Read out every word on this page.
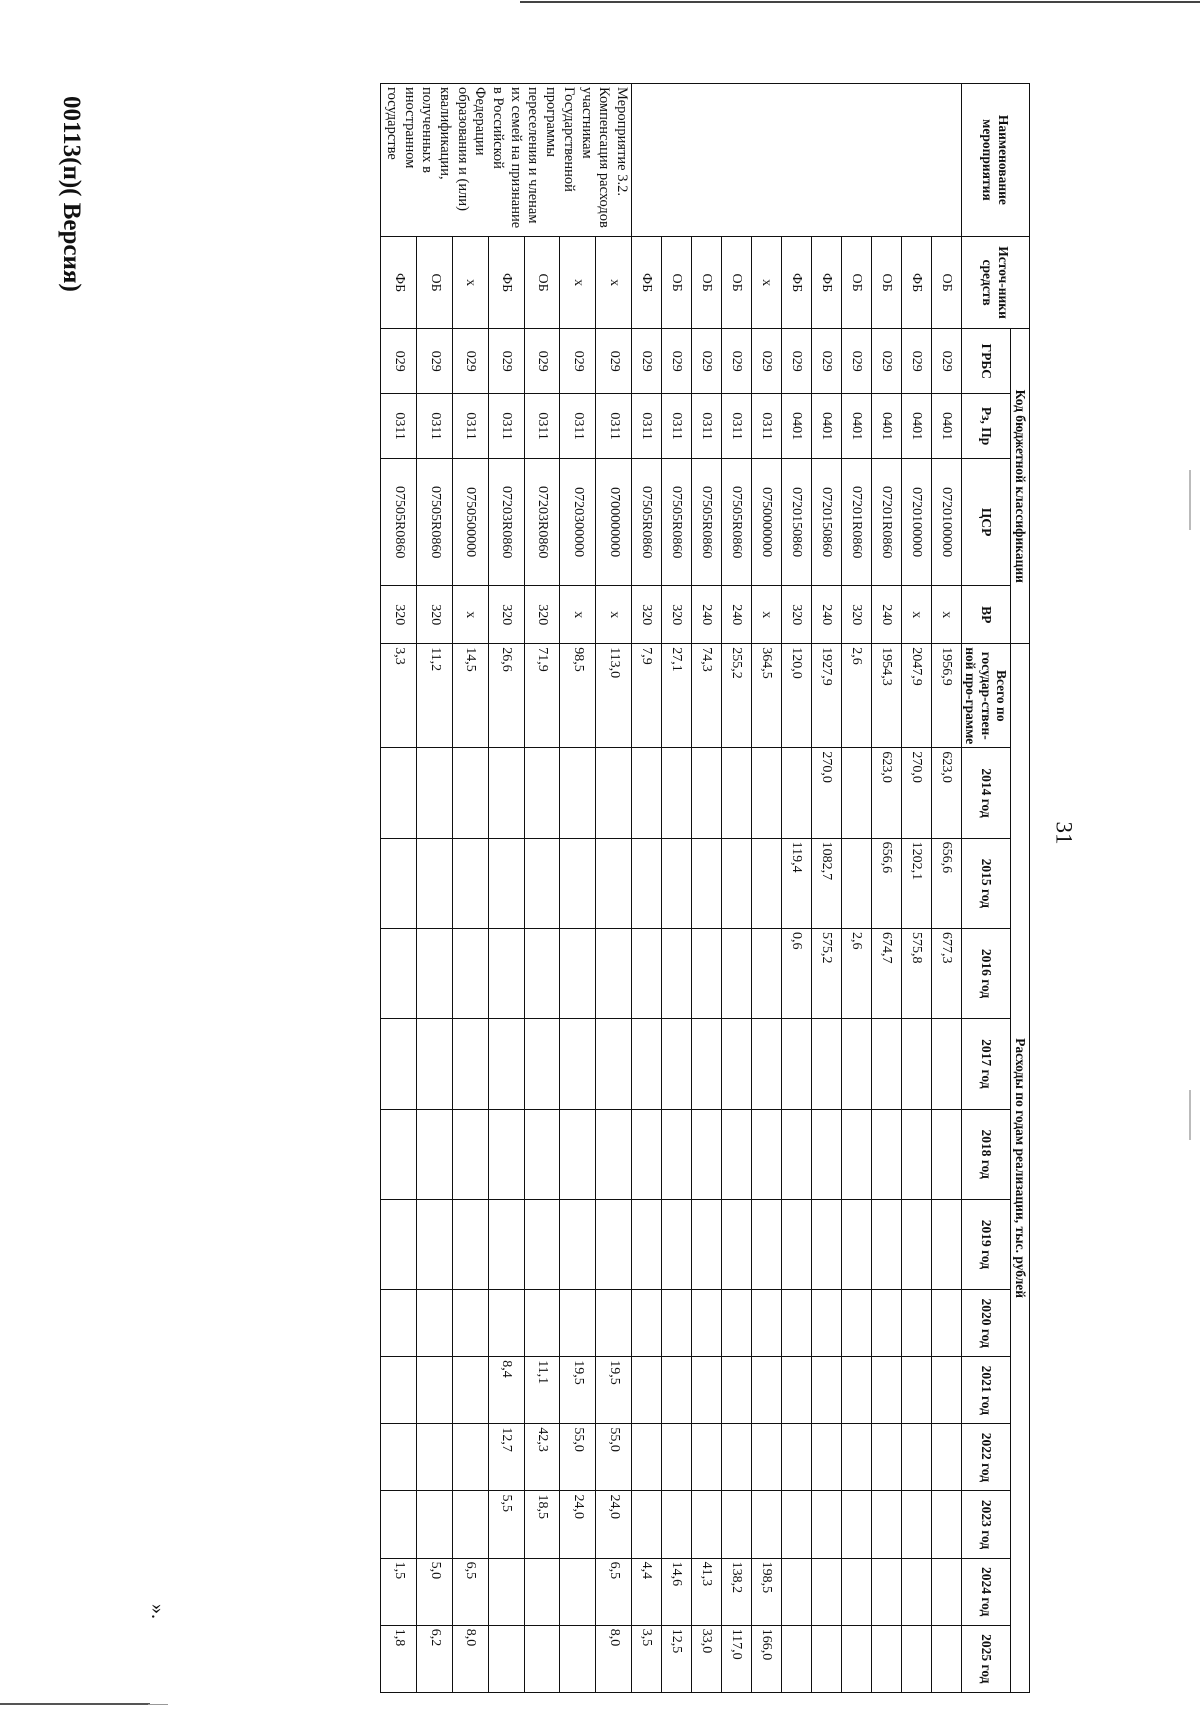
00113(п)( Версия)
31
».
Наименование мероприятия	Источ-ники средств	Код бюджетной классификации				Расходы по годам реализации, тыс. рублей												
		ГРБС	Рз, Пр	ЦСР	ВР	Всего по государ-ствен-ной про-грамме	2014 год	2015 год	2016 год	2017 год	2018 год	2019 год	2020 год	2021 год	2022 год	2023 год	2024 год	2025 год
	ОБ	029	0401	0720100000	х	1956,9	623,0	656,6	677,3									
	ФБ	029	0401	0720100000	х	2047,9	270,0	1202,1	575,8									
	ОБ	029	0401	07201R0860	240	1954,3	623,0	656,6	674,7									
	ОБ	029	0401	07201R0860	320	2,6			2,6									
	ФБ	029	0401	0720150860	240	1927,9	270,0	1082,7	575,2									
	ФБ	029	0401	0720150860	320	120,0		119,4	0,6									
	х	029	0311	0750000000	х	364,5											198,5	166,0
	ОБ	029	0311	07505R0860	240	255,2											138,2	117,0
	ОБ	029	0311	07505R0860	240	74,3											41,3	33,0
	ОБ	029	0311	07505R0860	320	27,1											14,6	12,5
	ФБ	029	0311	07505R0860	320	7,9											4,4	3,5
Мероприятие 3.2. Компенсация расходов участникам Государственной программы переселения и членам их семей на признание в Российской Федерации образования и (или) квалификации, полученных в иностранном государстве	х	029	0311	0700000000	х	113,0								19,5	55,0	24,0	6,5	8,0
	х	029	0311	0720300000	х	98,5								19,5	55,0	24,0		
	ОБ	029	0311	07203R0860	320	71,9								11,1	42,3	18,5		
	ФБ	029	0311	07203R0860	320	26,6								8,4	12,7	5,5		
	х	029	0311	0750500000	х	14,5											6,5	8,0
	ОБ	029	0311	07505R0860	320	11,2											5,0	6,2
	ФБ	029	0311	07505R0860	320	3,3											1,5	1,8
